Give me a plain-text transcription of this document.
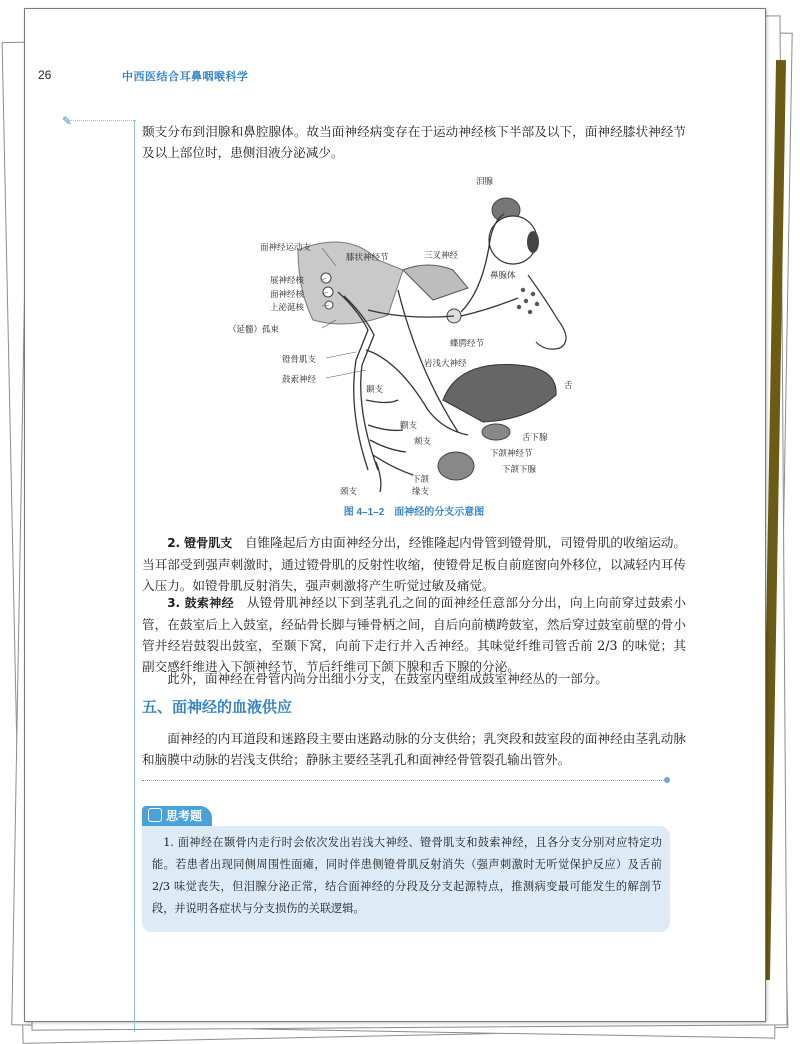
26	中西医结合耳鼻咽喉科学
✎

颞支分布到泪腺和鼻腔腺体。故当面神经病变存在于运动神经核下半部及以下，面神经膝状神经节及以上部位时，患侧泪液分泌减少。

泪腺
面神经运动支
膝状神经节	三叉神经
鼻腺体
展神经核
面神经核
上泌涎核
（延髓）孤束
蝶腭经节
镫骨肌支	岩浅大神经
鼓索神经
舌
颞支
颧支
颊支	舌下腺
下颌神经节
下颌下腺
下颌
缘支
颈支
图 4–1–2　面神经的分支示意图

2. 镫骨肌支　 自锥隆起后方由面神经分出，经锥隆起内骨管到镫骨肌，司镫骨肌的收缩运动。当耳部受到强声刺激时，通过镫骨肌的反射性收缩，使镫骨足板自前庭窗向外移位，以减轻内耳传入压力。如镫骨肌反射消失，强声刺激将产生听觉过敏及痛觉。

3. 鼓索神经　 从镫骨肌神经以下到茎乳孔之间的面神经任意部分分出，向上向前穿过鼓索小管，在鼓室后上入鼓室，经砧骨长脚与锤骨柄之间，自后向前横跨鼓室，然后穿过鼓室前壁的骨小管并经岩鼓裂出鼓室，至颞下窝，向前下走行并入舌神经。其味觉纤维司管舌前 2/3 的味觉；其副交感纤维进入下颌神经节，节后纤维司下颌下腺和舌下腺的分泌。

此外，面神经在骨管内尚分出细小分支，在鼓室内壁组成鼓室神经丛的一部分。

五、面神经的血液供应

面神经的内耳道段和迷路段主要由迷路动脉的分支供给；乳突段和鼓室段的面神经由茎乳动脉和脑膜中动脉的岩浅支供给；静脉主要经茎乳孔和面神经骨管裂孔输出管外。

思考题

1. 面神经在颞骨内走行时会依次发出岩浅大神经、镫骨肌支和鼓索神经，且各分支分别对应特定功能。若患者出现同侧周围性面瘫，同时伴患侧镫骨肌反射消失（强声刺激时无听觉保护反应）及舌前 2/3 味觉丧失，但泪腺分泌正常，结合面神经的分段及分支起源特点，推测病变最可能发生的解剖节段，并说明各症状与分支损伤的关联逻辑。
